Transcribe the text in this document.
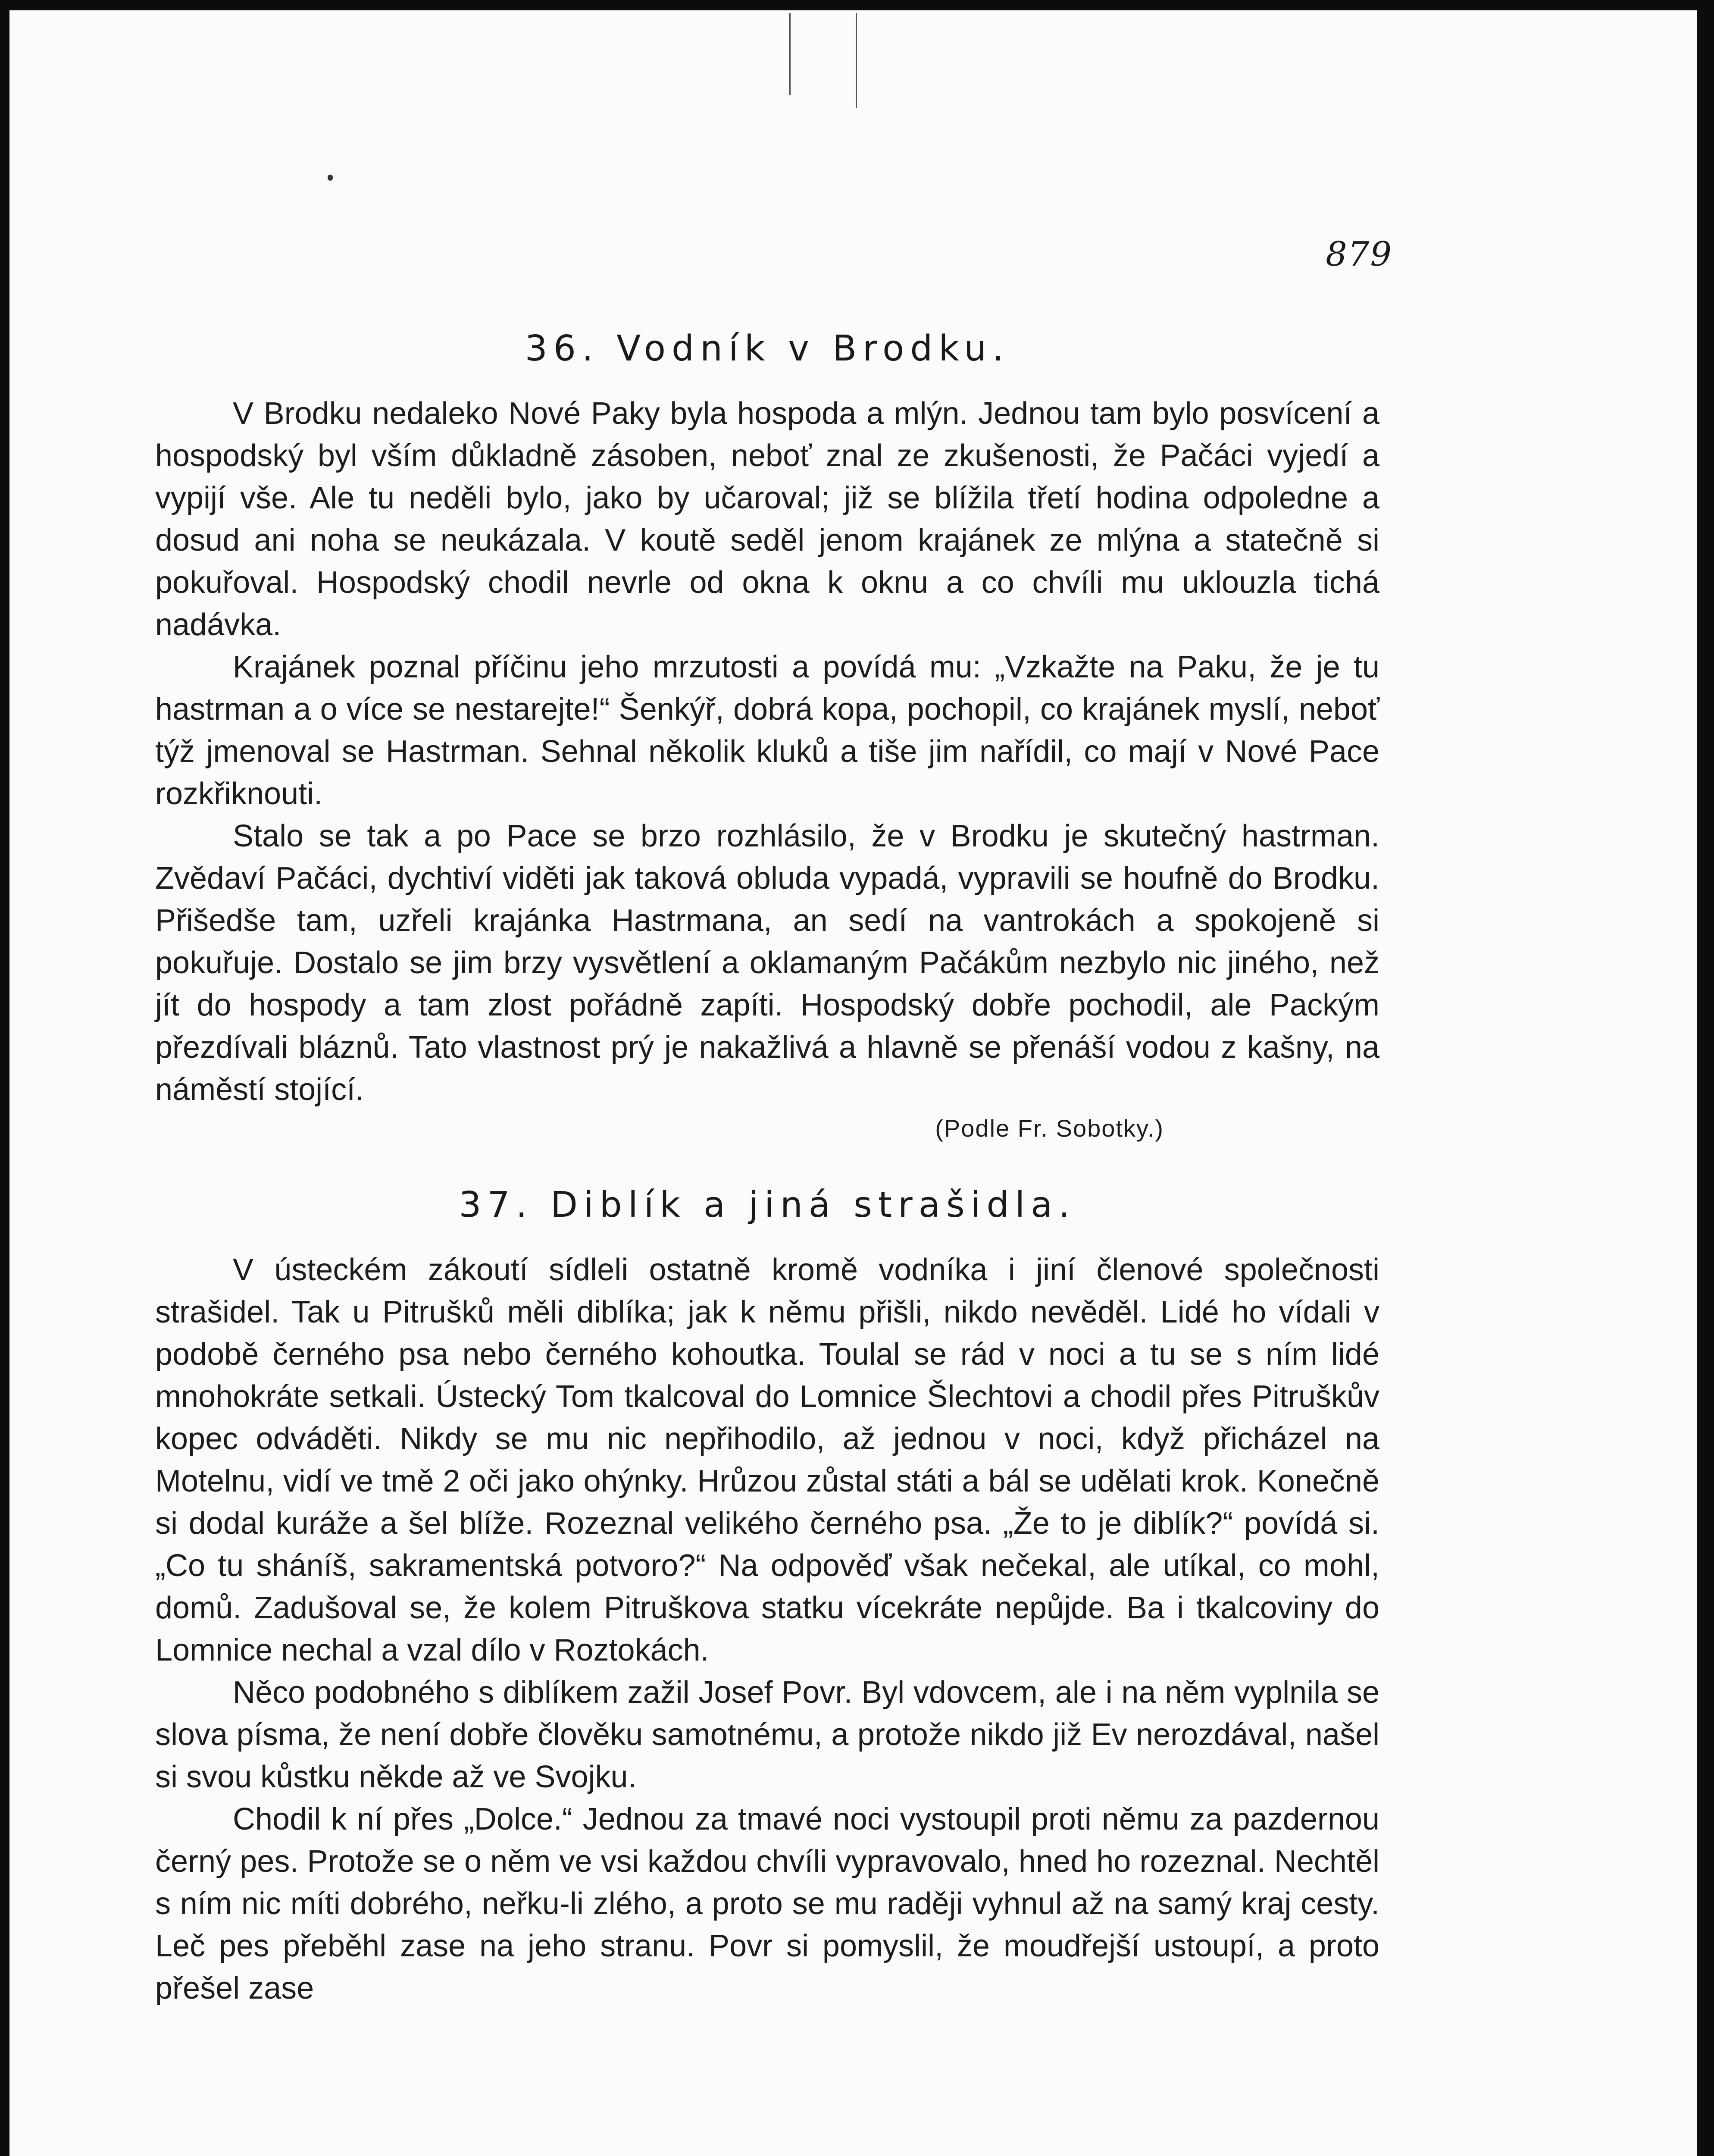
879
36. Vodník v Brodku.

V Brodku nedaleko Nové Paky byla hospoda a mlýn. Jednou tam bylo posvícení a hospodský byl vším důkladně zásoben, neboť znal ze zkušenosti, že Pačáci vyjedí a vypijí vše. Ale tu neděli bylo, jako by učaroval; již se blížila třetí hodina odpoledne a dosud ani noha se neukázala. V koutě seděl jenom krajánek ze mlýna a statečně si pokuřoval. Hospodský chodil nevrle od okna k oknu a co chvíli mu uklouzla tichá nadávka.

Krajánek poznal příčinu jeho mrzutosti a povídá mu: „Vzkažte na Paku, že je tu hastrman a o více se nestarejte!“ Šenkýř, dobrá kopa, pochopil, co krajánek myslí, neboť týž jmenoval se Hastrman. Sehnal několik kluků a tiše jim nařídil, co mají v Nové Pace rozkřiknouti.

Stalo se tak a po Pace se brzo rozhlásilo, že v Brodku je skutečný hastrman. Zvědaví Pačáci, dychtiví viděti jak taková obluda vypadá, vypravili se houfně do Brodku. Přišedše tam, uzřeli krajánka Hastrmana, an sedí na vantrokách a spokojeně si pokuřuje. Dostalo se jim brzy vysvětlení a oklamaným Pačákům nezbylo nic jiného, než jít do hospody a tam zlost pořádně zapíti. Hospodský dobře pochodil, ale Packým přezdívali bláznů. Tato vlastnost prý je nakažlivá a hlavně se přenáší vodou z kašny, na náměstí stojící.

(Podle Fr. Sobotky.)
37. Diblík a jiná strašidla.

V ústeckém zákoutí sídleli ostatně kromě vodníka i jiní členové společnosti strašidel. Tak u Pitrušků měli diblíka; jak k němu přišli, nikdo nevěděl. Lidé ho vídali v podobě černého psa nebo černého kohoutka. Toulal se rád v noci a tu se s ním lidé mnohokráte setkali. Ústecký Tom tkalcoval do Lomnice Šlechtovi a chodil přes Pitruškův kopec odváděti. Nikdy se mu nic nepřihodilo, až jednou v noci, když přicházel na Motelnu, vidí ve tmě 2 oči jako ohýnky. Hrůzou zůstal státi a bál se udělati krok. Konečně si dodal kuráže a šel blíže. Rozeznal velikého černého psa. „Že to je diblík?“ povídá si. „Co tu sháníš, sakramentská potvoro?“ Na odpověď však nečekal, ale utíkal, co mohl, domů. Zadušoval se, že kolem Pitruškova statku vícekráte nepůjde. Ba i tkalcoviny do Lomnice nechal a vzal dílo v Roztokách.

Něco podobného s diblíkem zažil Josef Povr. Byl vdovcem, ale i na něm vyplnila se slova písma, že není dobře člověku samotnému, a protože nikdo již Ev nerozdával, našel si svou kůstku někde až ve Svojku.

Chodil k ní přes „Dolce.“ Jednou za tmavé noci vystoupil proti němu za pazdernou černý pes. Protože se o něm ve vsi každou chvíli vypravovalo, hned ho rozeznal. Nechtěl s ním nic míti dobrého, neřku-li zlého, a proto se mu raději vyhnul až na samý kraj cesty. Leč pes přeběhl zase na jeho stranu. Povr si pomyslil, že moudřejší ustoupí, a proto přešel zase
